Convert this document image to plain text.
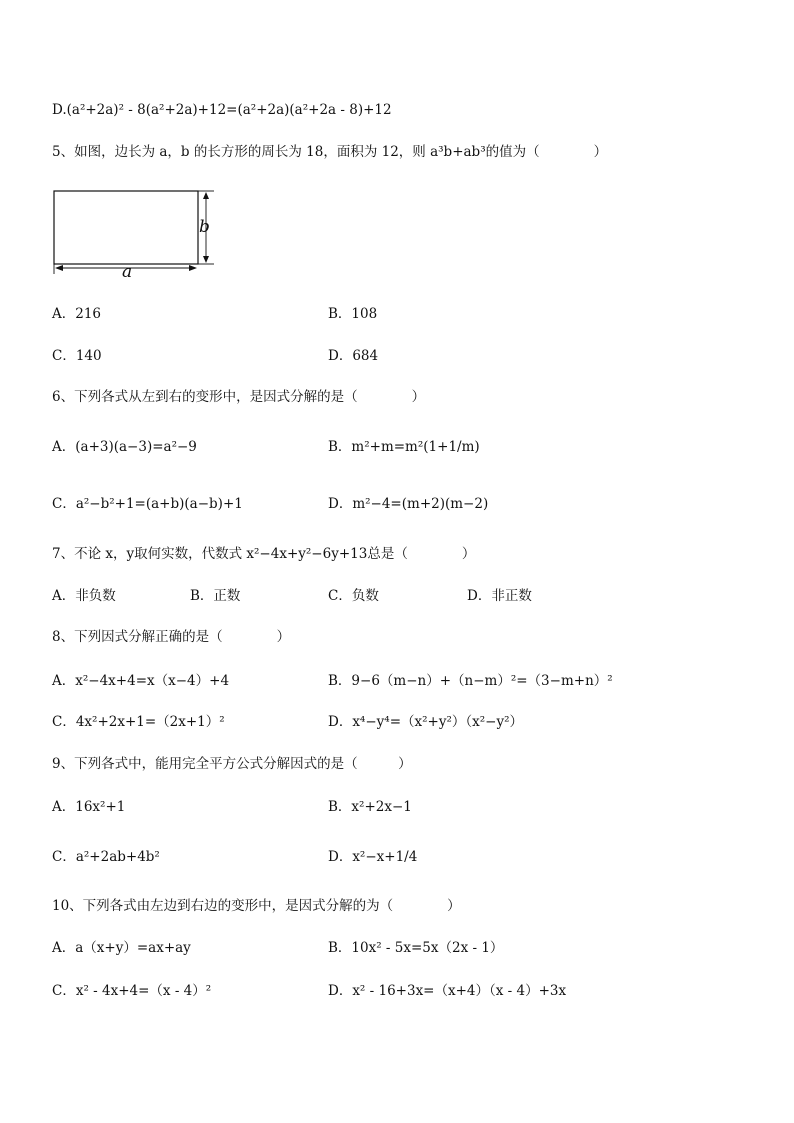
D.(a²+2a)² - 8(a²+2a)+12=(a²+2a)(a²+2a - 8)+12
5、如图，边长为 a，b 的长方形的周长为 18，面积为 12，则 a³b+ab³的值为（　　　　）
b
a
A．216	B．108
C．140	D．684
6、下列各式从左到右的变形中，是因式分解的是（　　　　）
A．(a+3)(a−3)=a²−9	B．m²+m=m²(1+1/m)
C．a²−b²+1=(a+b)(a−b)+1	D．m²−4=(m+2)(m−2)
7、不论 x，y取何实数，代数式 x²−4x+y²−6y+13总是（　　　　）
A．非负数	B．正数	C．负数	D．非正数
8、下列因式分解正确的是（　　　　）
A．x²−4x+4=x（x−4）+4	B．9−6（m−n）+（n−m）²=（3−m+n）²
C．4x²+2x+1=（2x+1）²	D．x⁴−y⁴=（x²+y²）（x²−y²）
9、下列各式中，能用完全平方公式分解因式的是（　　　）
A．16x²+1	B．x²+2x−1
C．a²+2ab+4b²	D．x²−x+1/4
10、下列各式由左边到右边的变形中，是因式分解的为（　　　　）
A．a（x+y）=ax+ay	B．10x² - 5x=5x（2x - 1）
C．x² - 4x+4=（x - 4）²	D．x² - 16+3x=（x+4）（x - 4）+3x
